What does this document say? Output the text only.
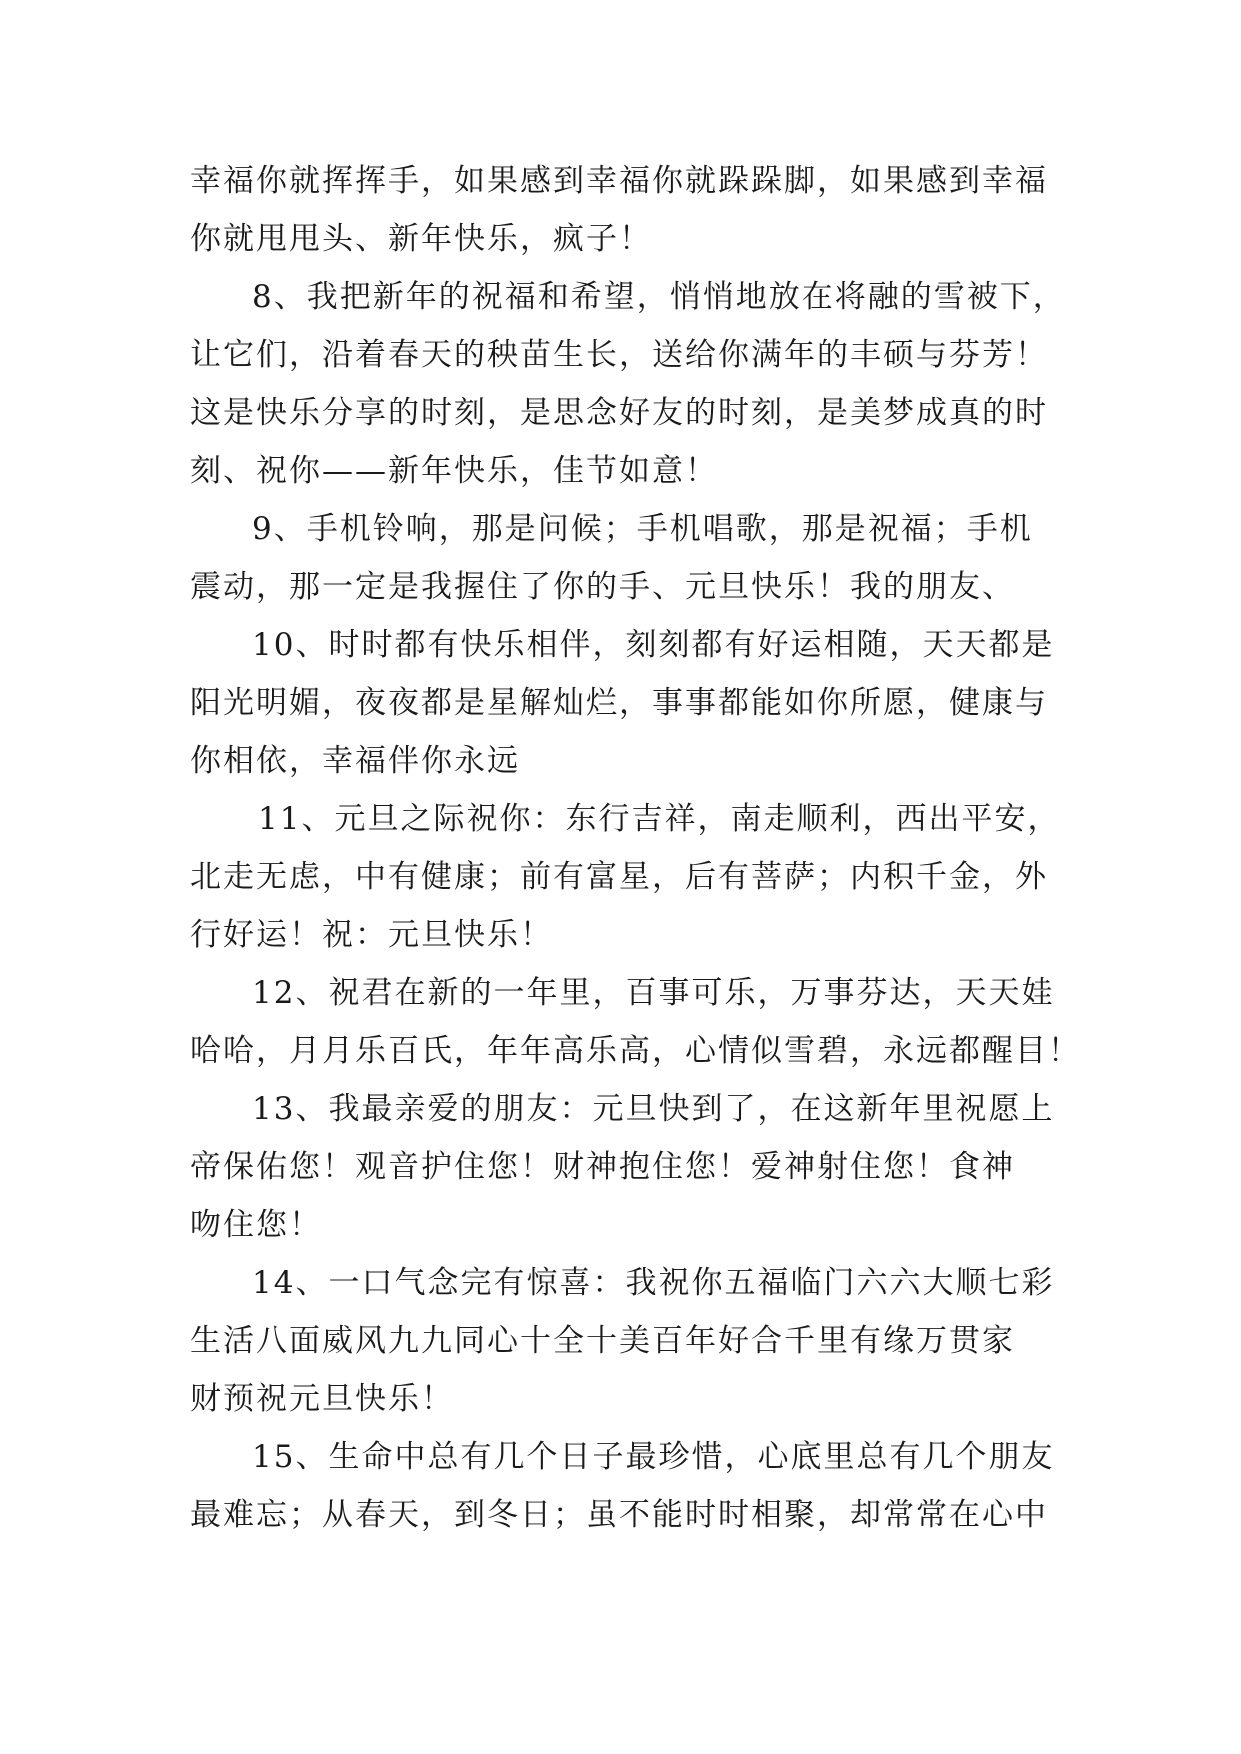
幸福你就挥挥手，如果感到幸福你就跺跺脚，如果感到幸福
你就甩甩头、新年快乐，疯子！
8、我把新年的祝福和希望，悄悄地放在将融的雪被下，
让它们，沿着春天的秧苗生长，送给你满年的丰硕与芬芳！
这是快乐分享的时刻，是思念好友的时刻，是美梦成真的时
刻、祝你——新年快乐，佳节如意！
9、手机铃响，那是问候；手机唱歌，那是祝福；手机
震动，那一定是我握住了你的手、元旦快乐！我的朋友、
10、时时都有快乐相伴，刻刻都有好运相随，天天都是
阳光明媚，夜夜都是星解灿烂，事事都能如你所愿，健康与
你相依，幸福伴你永远
11、元旦之际祝你：东行吉祥，南走顺利，西出平安，
北走无虑，中有健康；前有富星，后有菩萨；内积千金，外
行好运！祝：元旦快乐！
12、祝君在新的一年里，百事可乐，万事芬达，天天娃
哈哈，月月乐百氏，年年高乐高，心情似雪碧，永远都醒目！
13、我最亲爱的朋友：元旦快到了，在这新年里祝愿上
帝保佑您！观音护住您！财神抱住您！爱神射住您！食神
吻住您！
14、一口气念完有惊喜：我祝你五福临门六六大顺七彩
生活八面威风九九同心十全十美百年好合千里有缘万贯家
财预祝元旦快乐！
15、生命中总有几个日子最珍惜，心底里总有几个朋友
最难忘；从春天，到冬日；虽不能时时相聚，却常常在心中
